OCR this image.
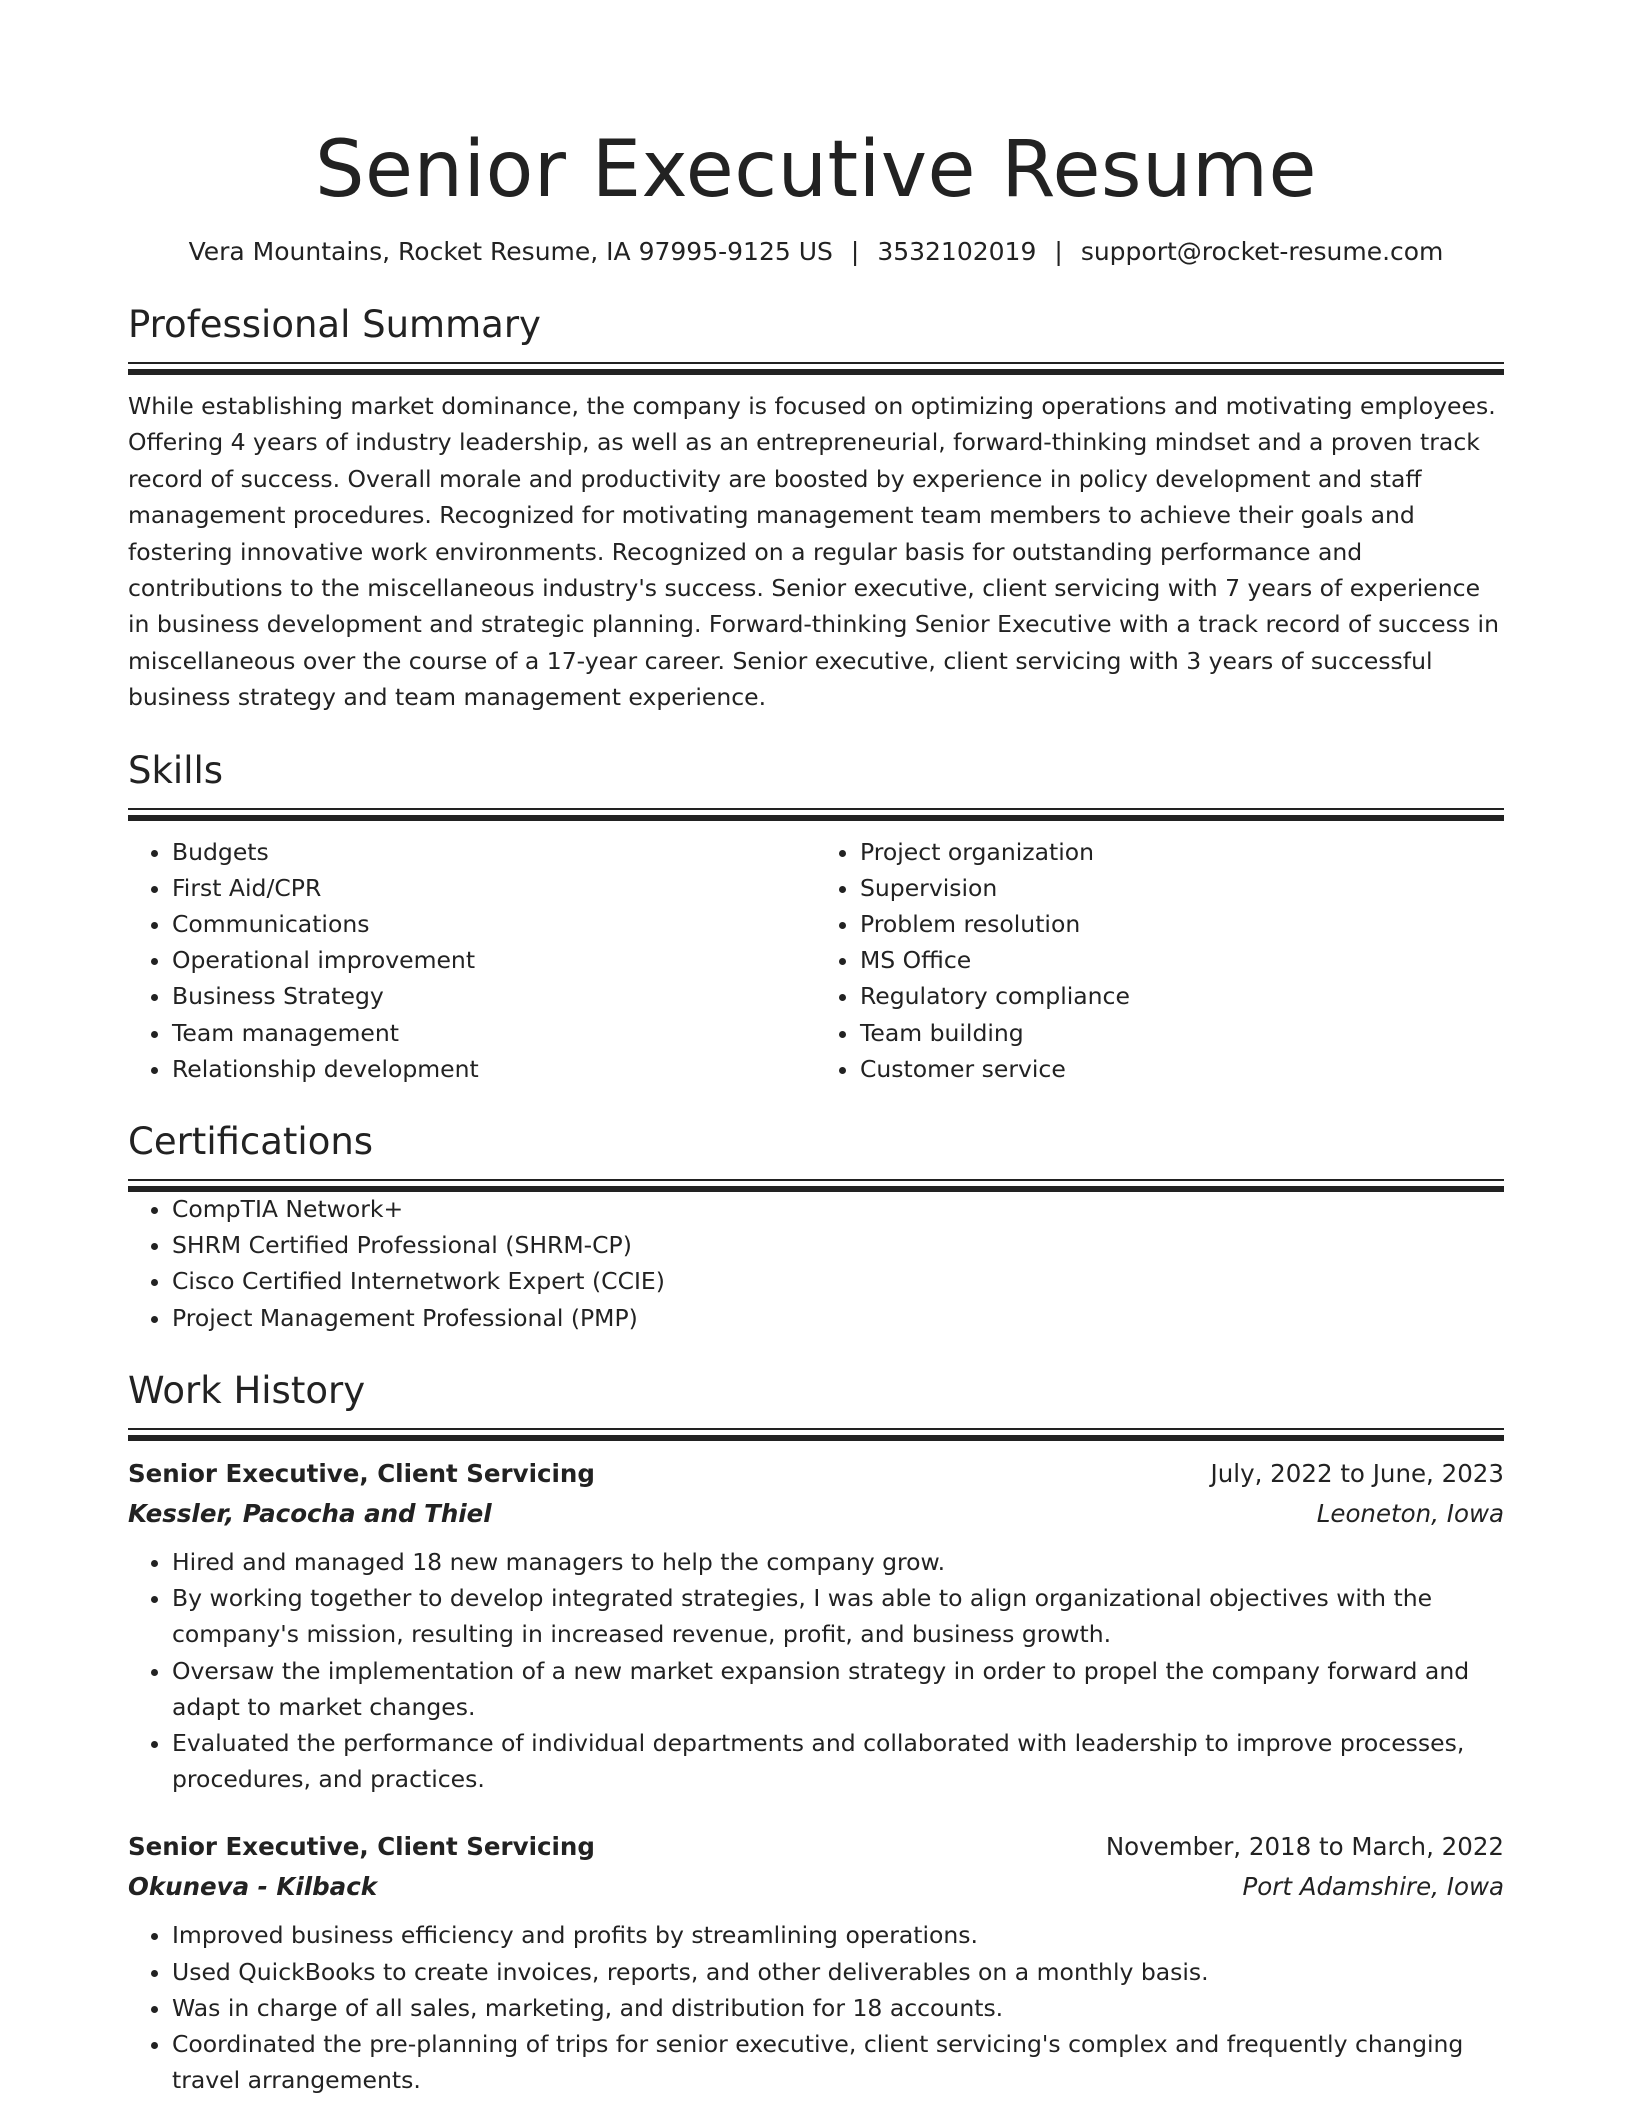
Senior Executive Resume
Vera Mountains, Rocket Resume, IA 97995-9125 US | 3532102019 | support@rocket-resume.com
Professional Summary
While establishing market dominance, the company is focused on optimizing operations and motivating employees. Offering 4 years of industry leadership, as well as an entrepreneurial, forward-thinking mindset and a proven track record of success. Overall morale and productivity are boosted by experience in policy development and staff management procedures. Recognized for motivating management team members to achieve their goals and fostering innovative work environments. Recognized on a regular basis for outstanding performance and contributions to the miscellaneous industry's success. Senior executive, client servicing with 7 years of experience in business development and strategic planning. Forward-thinking Senior Executive with a track record of success in miscellaneous over the course of a 17-year career. Senior executive, client servicing with 3 years of successful business strategy and team management experience.
Skills
• Budgets
• First Aid/CPR
• Communications
• Operational improvement
• Business Strategy
• Team management
• Relationship development
• Project organization
• Supervision
• Problem resolution
• MS Office
• Regulatory compliance
• Team building
• Customer service
Certifications
• CompTIA Network+
• SHRM Certified Professional (SHRM-CP)
• Cisco Certified Internetwork Expert (CCIE)
• Project Management Professional (PMP)
Work History
Senior Executive, Client Servicing	July, 2022 to June, 2023
Kessler, Pacocha and Thiel	Leoneton, Iowa
• Hired and managed 18 new managers to help the company grow.
• By working together to develop integrated strategies, I was able to align organizational objectives with the company's mission, resulting in increased revenue, profit, and business growth.
• Oversaw the implementation of a new market expansion strategy in order to propel the company forward and adapt to market changes.
• Evaluated the performance of individual departments and collaborated with leadership to improve processes, procedures, and practices.
Senior Executive, Client Servicing	November, 2018 to March, 2022
Okuneva - Kilback	Port Adamshire, Iowa
• Improved business efficiency and profits by streamlining operations.
• Used QuickBooks to create invoices, reports, and other deliverables on a monthly basis.
• Was in charge of all sales, marketing, and distribution for 18 accounts.
• Coordinated the pre-planning of trips for senior executive, client servicing's complex and frequently changing travel arrangements.
